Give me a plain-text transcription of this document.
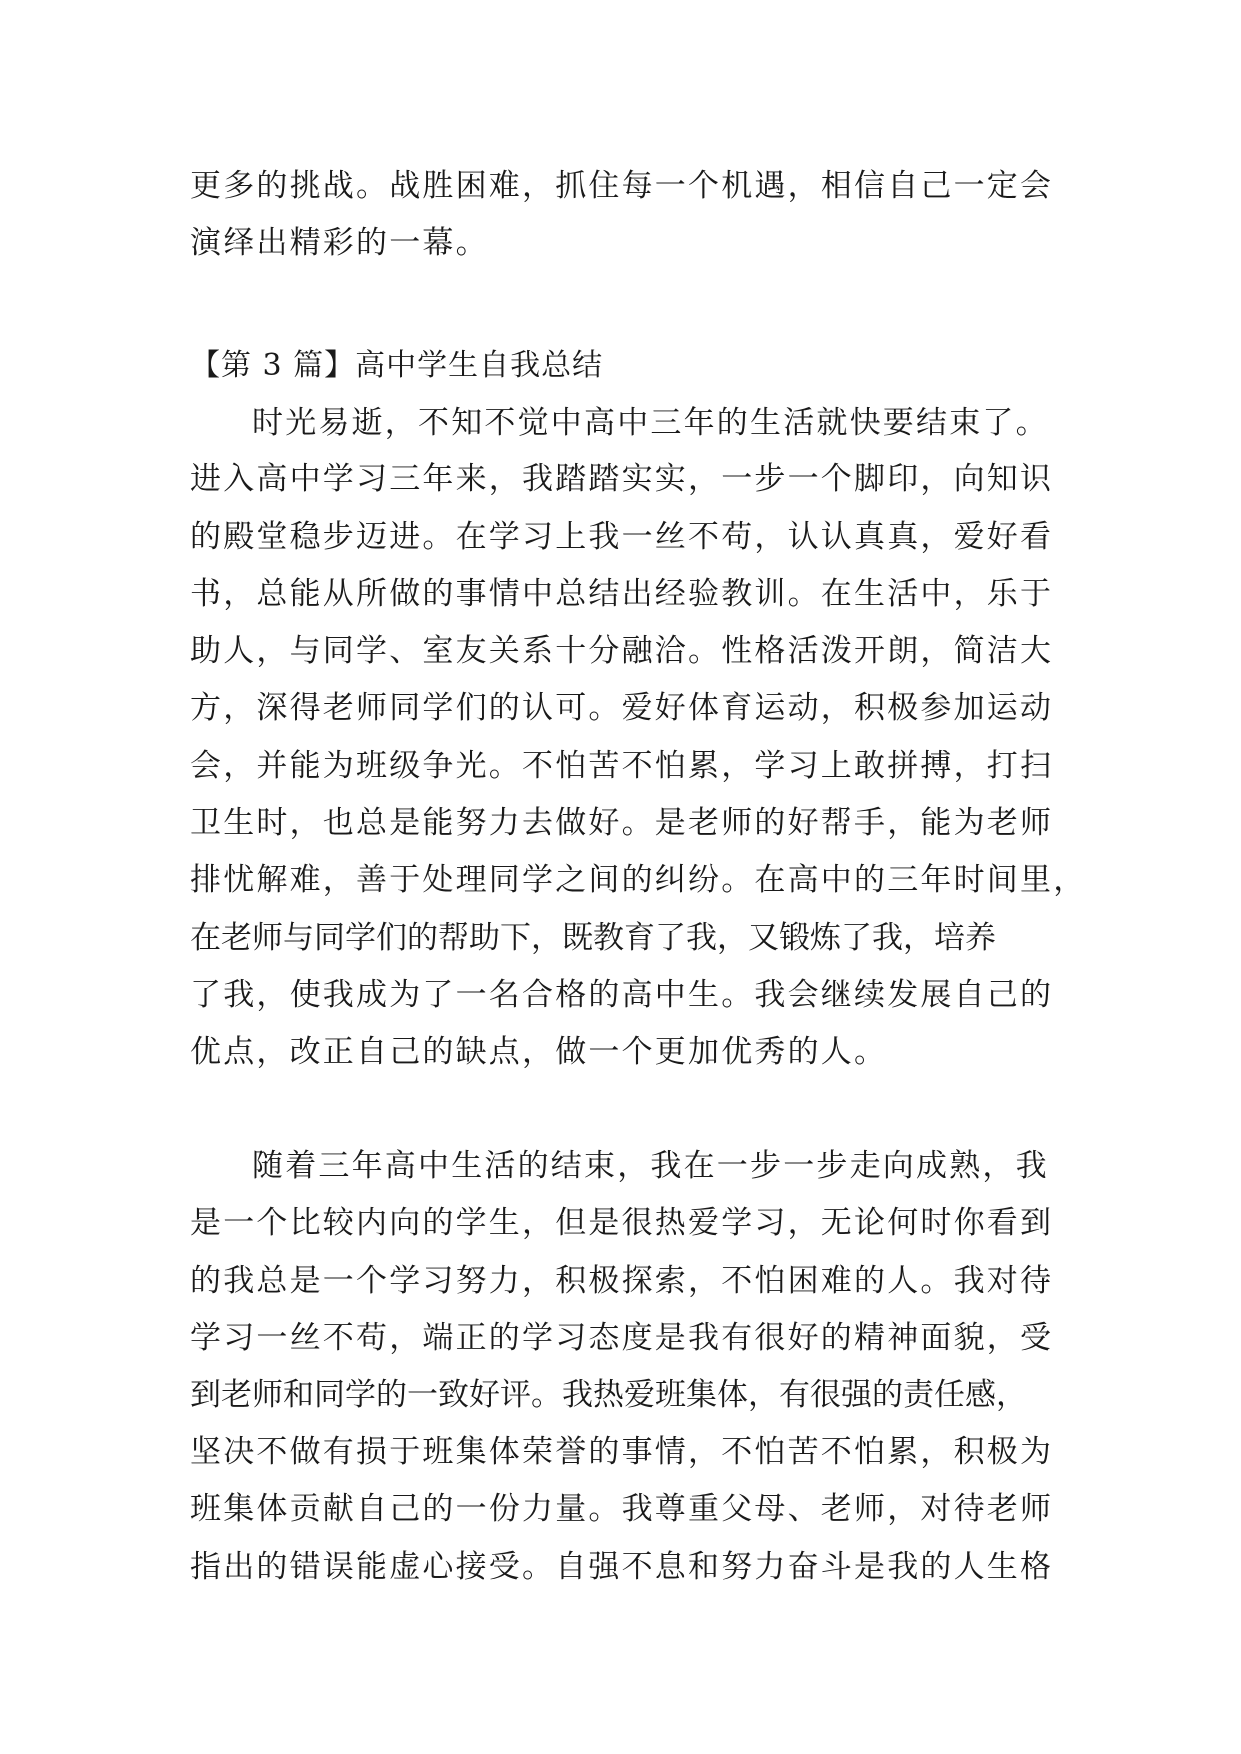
更多的挑战。战胜困难，抓住每一个机遇，相信自己一定会

演绎出精彩的一幕。

【第 3 篇】高中学生自我总结

时光易逝，不知不觉中高中三年的生活就快要结束了。

进入高中学习三年来，我踏踏实实，一步一个脚印，向知识

的殿堂稳步迈进。在学习上我一丝不苟，认认真真，爱好看

书，总能从所做的事情中总结出经验教训。在生活中，乐于

助人，与同学、室友关系十分融洽。性格活泼开朗，简洁大

方，深得老师同学们的认可。爱好体育运动，积极参加运动

会，并能为班级争光。不怕苦不怕累，学习上敢拼搏，打扫

卫生时，也总是能努力去做好。是老师的好帮手，能为老师

排忧解难，善于处理同学之间的纠纷。在高中的三年时间里，

在老师与同学们的帮助下，既教育了我，又锻炼了我，培养

了我，使我成为了一名合格的高中生。我会继续发展自己的

优点，改正自己的缺点，做一个更加优秀的人。

随着三年高中生活的结束，我在一步一步走向成熟，我

是一个比较内向的学生，但是很热爱学习，无论何时你看到

的我总是一个学习努力，积极探索，不怕困难的人。我对待

学习一丝不苟，端正的学习态度是我有很好的精神面貌，受

到老师和同学的一致好评。我热爱班集体，有很强的责任感，

坚决不做有损于班集体荣誉的事情，不怕苦不怕累，积极为

班集体贡献自己的一份力量。我尊重父母、老师，对待老师

指出的错误能虚心接受。自强不息和努力奋斗是我的人生格
